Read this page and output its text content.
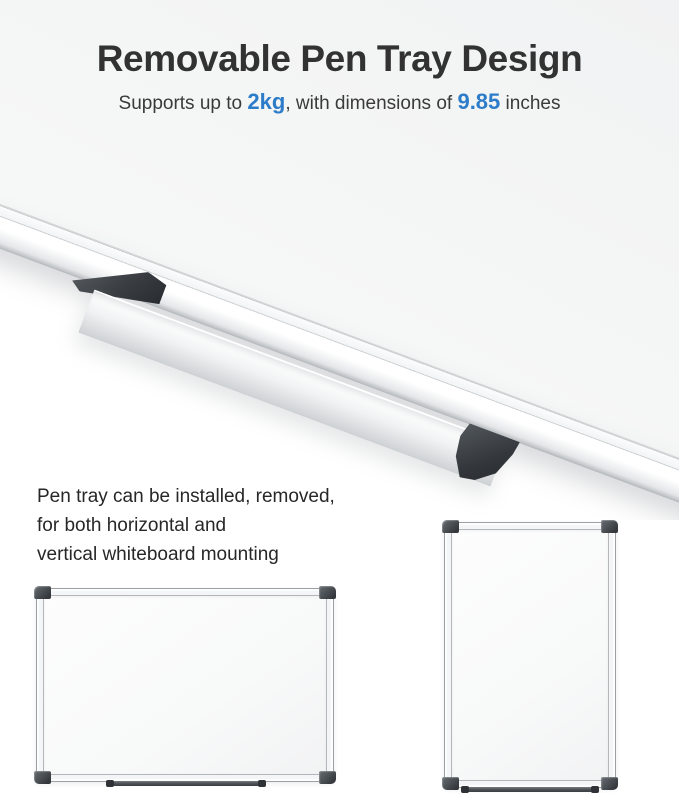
Removable Pen Tray Design
Supports up to 2kg, with dimensions of 9.85 inches
Pen tray can be installed, removed,
for both horizontal and
vertical whiteboard mounting
